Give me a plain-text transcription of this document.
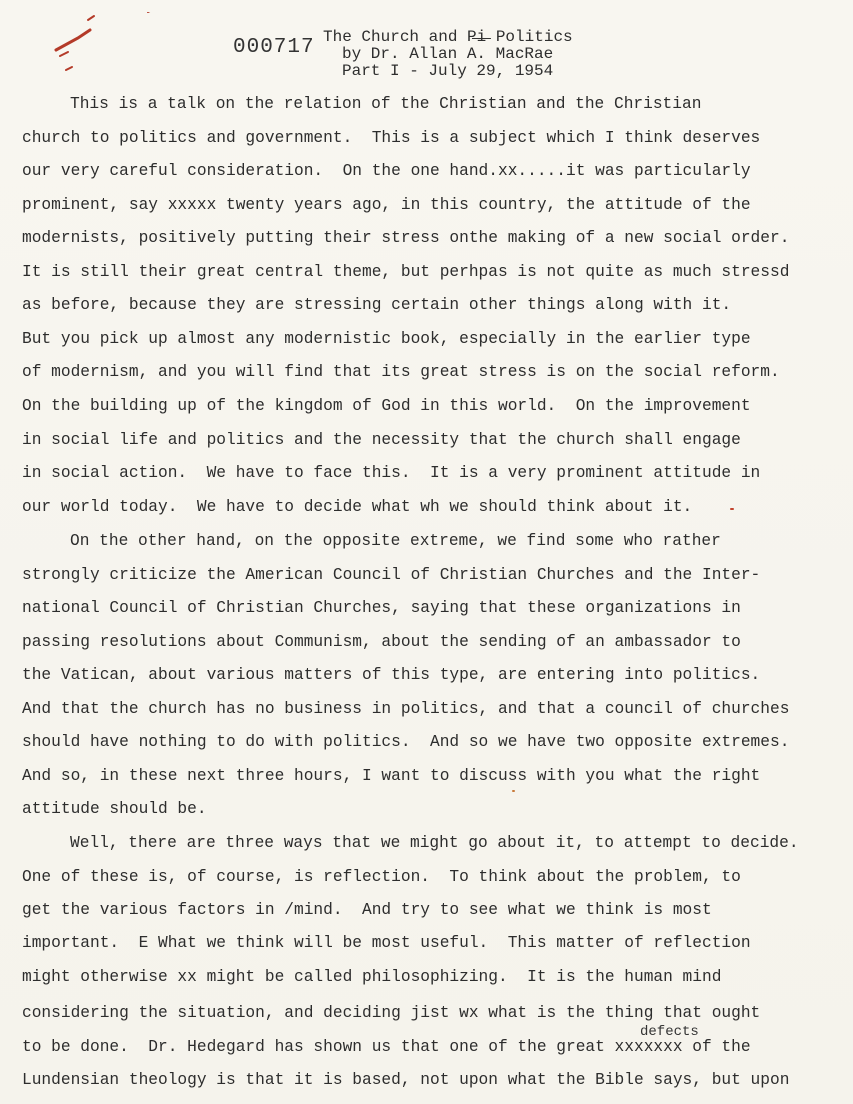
000717 The Church and P̶i̶ Politics
by Dr. Allan A. MacRae
Part I - July 29, 1954
This is a talk on the relation of the Christian and the Christian
church to politics and government.  This is a subject which I think deserves
our very careful consideration.  On the one hand.xx.....it was particularly
prominent, say xxxxx twenty years ago, in this country, the attitude of the
modernists, positively putting their stress onthe making of a new social order.
It is still their great central theme, but perhpas is not quite as much stressd
as before, because they are stressing certain other things along with it.
But you pick up almost any modernistic book, especially in the earlier type
of modernism, and you will find that its great stress is on the social reform.
On the building up of the kingdom of God in this world.  On the improvement
in social life and politics and the necessity that the church shall engage
in social action.  We have to face this.  It is a very prominent attitude in
our world today.  We have to decide what wh we should think about it.
On the other hand, on the opposite extreme, we find some who rather
strongly criticize the American Council of Christian Churches and the Inter-
national Council of Christian Churches, saying that these organizations in
passing resolutions about Communism, about the sending of an ambassador to
the Vatican, about various matters of this type, are entering into politics.
And that the church has no business in politics, and that a council of churches
should have nothing to do with politics.  And so we have two opposite extremes.
And so, in these next three hours, I want to discuss with you what the right
attitude should be.
Well, there are three ways that we might go about it, to attempt to decide.
One of these is, of course, is reflection.  To think about the problem, to
get the various factors in /mind.  And try to see what we think is most
important.  E What we think will be most useful.  This matter of reflection
might otherwise xx might be called philosophizing.  It is the human mind
considering the situation, and deciding jist wx what is the thing that ought
defects
to be done.  Dr. Hedegard has shown us that one of the great xxxxxxx of the
Lundensian theology is that it is based, not upon what the Bible says, but upon
